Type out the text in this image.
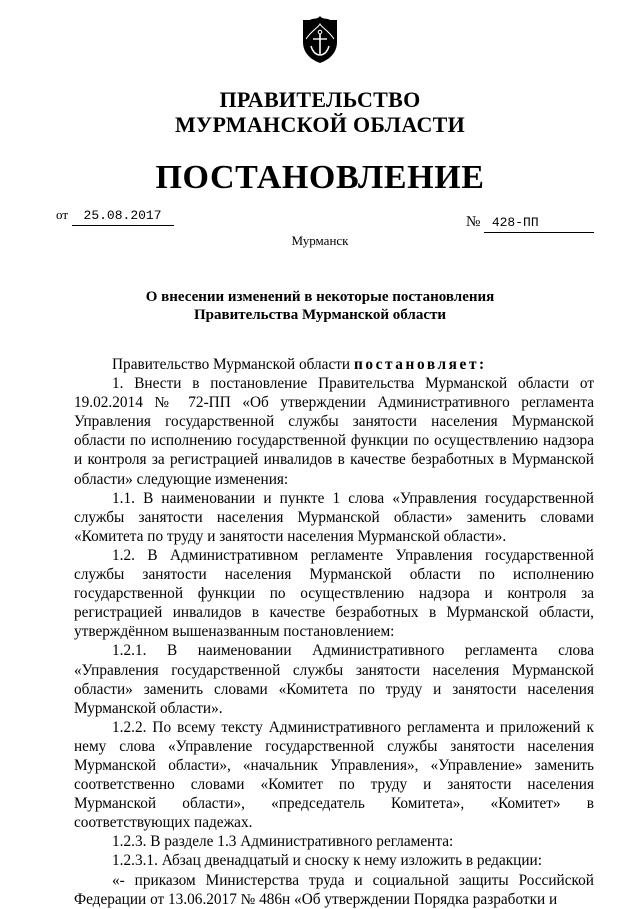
ПРАВИТЕЛЬСТВО
МУРМАНСКОЙ ОБЛАСТИ
ПОСТАНОВЛЕНИЕ
от 25.08.2017	№ 428-ПП
Мурманск
О внесении изменений в некоторые постановления
Правительства Мурманской области

Правительство Мурманской области постановляет:

1. Внести в постановление Правительства Мурманской области от 19.02.2014 № 72-ПП «Об утверждении Административного регламента Управления государственной службы занятости населения Мурманской области по исполнению государственной функции по осуществлению надзора и контроля за регистрацией инвалидов в качестве безработных в Мурманской области» следующие изменения:

1.1. В наименовании и пункте 1 слова «Управления государственной службы занятости населения Мурманской области» заменить словами «Комитета по труду и занятости населения Мурманской области».

1.2. В Административном регламенте Управления государственной службы занятости населения Мурманской области по исполнению государственной функции по осуществлению надзора и контроля за регистрацией инвалидов в качестве безработных в Мурманской области, утверждённом вышеназванным постановлением:

1.2.1. В наименовании Административного регламента слова «Управления государственной службы занятости населения Мурманской области» заменить словами «Комитета по труду и занятости населения Мурманской области».

1.2.2. По всему тексту Административного регламента и приложений к нему слова «Управление государственной службы занятости населения Мурманской области», «начальник Управления», «Управление» заменить соответственно словами «Комитет по труду и занятости населения Мурманской области», «председатель Комитета», «Комитет» в соответствующих падежах.

1.2.3. В разделе 1.3 Административного регламента:

1.2.3.1. Абзац двенадцатый и сноску к нему изложить в редакции:

«- приказом Министерства труда и социальной защиты Российской Федерации от 13.06.2017 № 486н «Об утверждении Порядка разработки и
